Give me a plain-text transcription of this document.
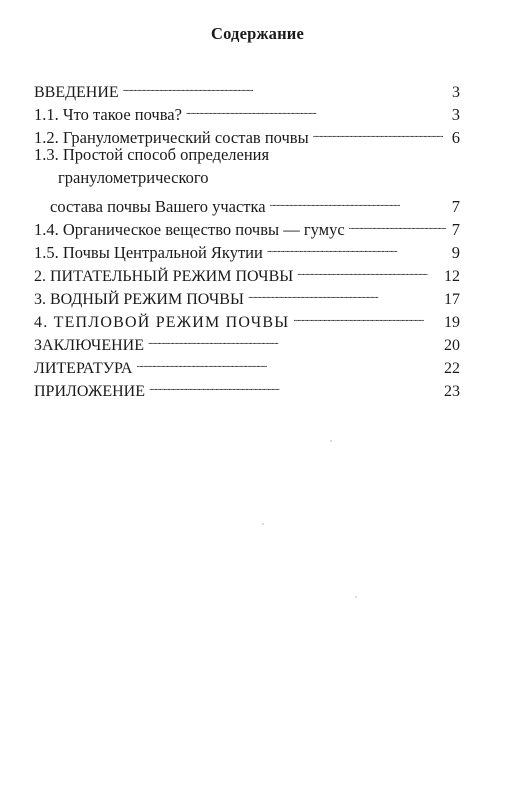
Содержание
ВВЕДЕНИЕ . . .	3
1.1. Что такое почва? . . .	3
1.2. Гранулометрический состав почвы . . .	6
1.3. Простой способ определения
гранулометрического
состава почвы Вашего участка . . .	7
1.4. Органическое вещество почвы — гумус . . .	7
1.5. Почвы Центральной Якутии . . .	9
2. ПИТАТЕЛЬНЫЙ РЕЖИМ ПОЧВЫ . . .	12
3. ВОДНЫЙ РЕЖИМ ПОЧВЫ . . .	17
4. ТЕПЛОВОЙ РЕЖИМ ПОЧВЫ . . .	19
ЗАКЛЮЧЕНИЕ . . .	20
ЛИТЕРАТУРА . . .	22
ПРИЛОЖЕНИЕ . . .	23
